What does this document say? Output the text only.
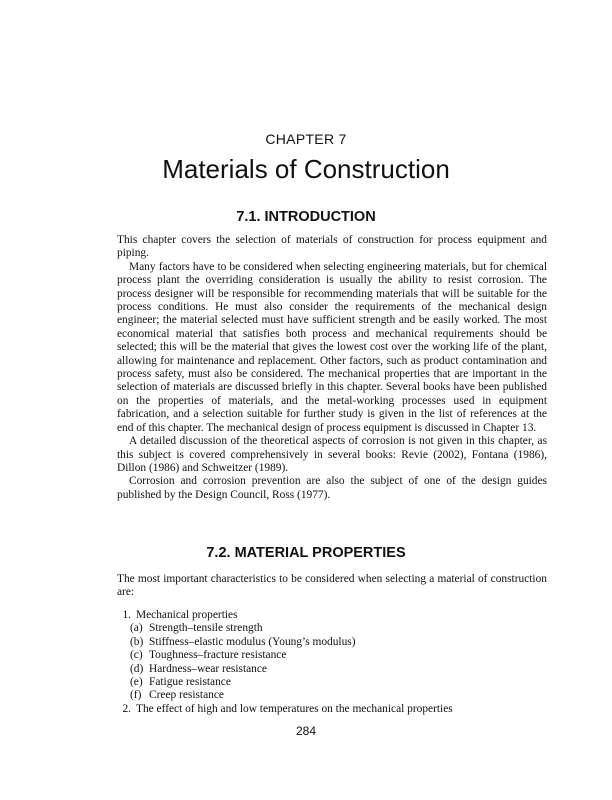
CHAPTER 7
Materials of Construction
7.1. INTRODUCTION

This chapter covers the selection of materials of construction for process equipment and piping.

Many factors have to be considered when selecting engineering materials, but for chemical process plant the overriding consideration is usually the ability to resist corrosion. The process designer will be responsible for recommending materials that will be suitable for the process conditions. He must also consider the requirements of the mechanical design engineer; the material selected must have sufficient strength and be easily worked. The most economical material that satisfies both process and mechanical requirements should be selected; this will be the material that gives the lowest cost over the working life of the plant, allowing for maintenance and replacement. Other factors, such as product contamination and process safety, must also be considered. The mechanical properties that are important in the selection of materials are discussed briefly in this chapter. Several books have been published on the properties of materials, and the metal-working processes used in equipment fabrication, and a selection suitable for further study is given in the list of references at the end of this chapter. The mechanical design of process equipment is discussed in Chapter 13.

A detailed discussion of the theoretical aspects of corrosion is not given in this chapter, as this subject is covered comprehensively in several books: Revie (2002), Fontana (1986), Dillon (1986) and Schweitzer (1989).

Corrosion and corrosion prevention are also the subject of one of the design guides published by the Design Council, Ross (1977).

7.2. MATERIAL PROPERTIES

The most important characteristics to be considered when selecting a material of construction are:

1. Mechanical properties
(a) Strength–tensile strength
(b) Stiffness–elastic modulus (Young’s modulus)
(c) Toughness–fracture resistance
(d) Hardness–wear resistance
(e) Fatigue resistance
(f) Creep resistance
2. The effect of high and low temperatures on the mechanical properties
284
